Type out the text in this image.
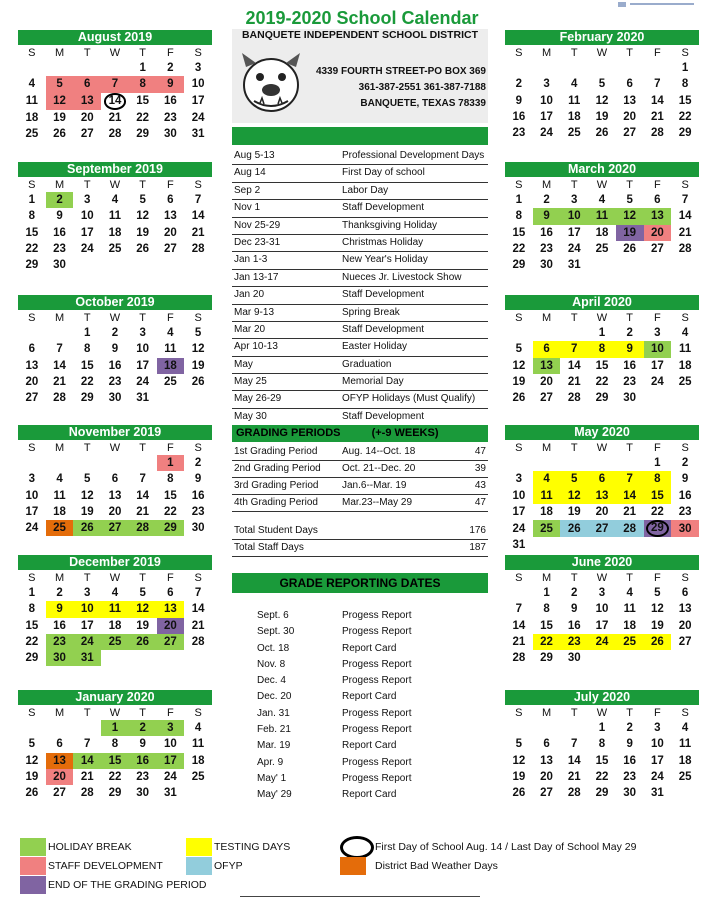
2019-2020 School Calendar
BANQUETE INDEPENDENT SCHOOL DISTRICT
4339 FOURTH STREET-PO BOX 369
361-387-2551 361-387-7188
BANQUETE, TEXAS 78339
Aug 5-13	Professional Development Days
Aug 14	First Day of school
Sep 2	Labor Day
Nov 1	Staff Development
Nov 25-29	Thanksgiving Holiday
Dec 23-31	Christmas Holiday
Jan 1-3	New Year's Holiday
Jan 13-17	Nueces Jr. Livestock Show
Jan 20	Staff Development
Mar 9-13	Spring Break
Mar 20	Staff Development
Apr 10-13	Easter Holiday
May	Graduation
May 25	Memorial Day
May 26-29	OFYP Holidays (Must Qualify)
May 30	Staff Development
GRADING PERIODS	(+-9 WEEKS)
1st Grading Period	Aug. 14--Oct. 18	47
2nd Grading Period	Oct. 21--Dec. 20	39
3rd Grading Period	Jan.6--Mar. 19	43
4th Grading Period	Mar.23--May 29	47
Total Student Days	176
Total Staff Days	187
GRADE REPORTING DATES
Sept. 6	Progess Report
Sept. 30	Progess Report
Oct. 18	Report Card
Nov. 8	Progess Report
Dec. 4	Progess Report
Dec. 20	Report Card
Jan. 31	Progess Report
Feb. 21	Progess Report
Mar. 19	Report Card
Apr. 9	Progess Report
May' 1	Progess Report
May' 29	Report Card
August 2019
S	M	T	W	T	F	S
				1	2	3
4	5	6	7	8	9	10
11	12	13	14	15	16	17
18	19	20	21	22	23	24
25	26	27	28	29	30	31
September 2019
S	M	T	W	T	F	S
1	2	3	4	5	6	7
8	9	10	11	12	13	14
15	16	17	18	19	20	21
22	23	24	25	26	27	28
29	30					
October 2019
S	M	T	W	T	F	S
		1	2	3	4	5
6	7	8	9	10	11	12
13	14	15	16	17	18	19
20	21	22	23	24	25	26
27	28	29	30	31		
November 2019
S	M	T	W	T	F	S
					1	2
3	4	5	6	7	8	9
10	11	12	13	14	15	16
17	18	19	20	21	22	23
24	25	26	27	28	29	30
December 2019
S	M	T	W	T	F	S
1	2	3	4	5	6	7
8	9	10	11	12	13	14
15	16	17	18	19	20	21
22	23	24	25	26	27	28
29	30	31				
January 2020
S	M	T	W	T	F	S
			1	2	3	4
5	6	7	8	9	10	11
12	13	14	15	16	17	18
19	20	21	22	23	24	25
26	27	28	29	30	31	
February 2020
S	M	T	W	T	F	S
						1
2	3	4	5	6	7	8
9	10	11	12	13	14	15
16	17	18	19	20	21	22
23	24	25	26	27	28	29
March 2020
S	M	T	W	T	F	S
1	2	3	4	5	6	7
8	9	10	11	12	13	14
15	16	17	18	19	20	21
22	23	24	25	26	27	28
29	30	31				
April 2020
S	M	T	W	T	F	S
			1	2	3	4
5	6	7	8	9	10	11
12	13	14	15	16	17	18
19	20	21	22	23	24	25
26	27	28	29	30		
May 2020
S	M	T	W	T	F	S
					1	2
3	4	5	6	7	8	9
10	11	12	13	14	15	16
17	18	19	20	21	22	23
24	25	26	27	28	29	30
31						
June 2020
S	M	T	W	T	F	S
	1	2	3	4	5	6
7	8	9	10	11	12	13
14	15	16	17	18	19	20
21	22	23	24	25	26	27
28	29	30				
July 2020
S	M	T	W	T	F	S
			1	2	3	4
5	6	7	8	9	10	11
12	13	14	15	16	17	18
19	20	21	22	23	24	25
26	27	28	29	30	31	
HOLIDAY BREAK
STAFF DEVELOPMENT
END OF THE GRADING PERIOD
TESTING DAYS
OFYP
First Day of School Aug. 14 / Last Day of School May 29
District Bad Weather Days
